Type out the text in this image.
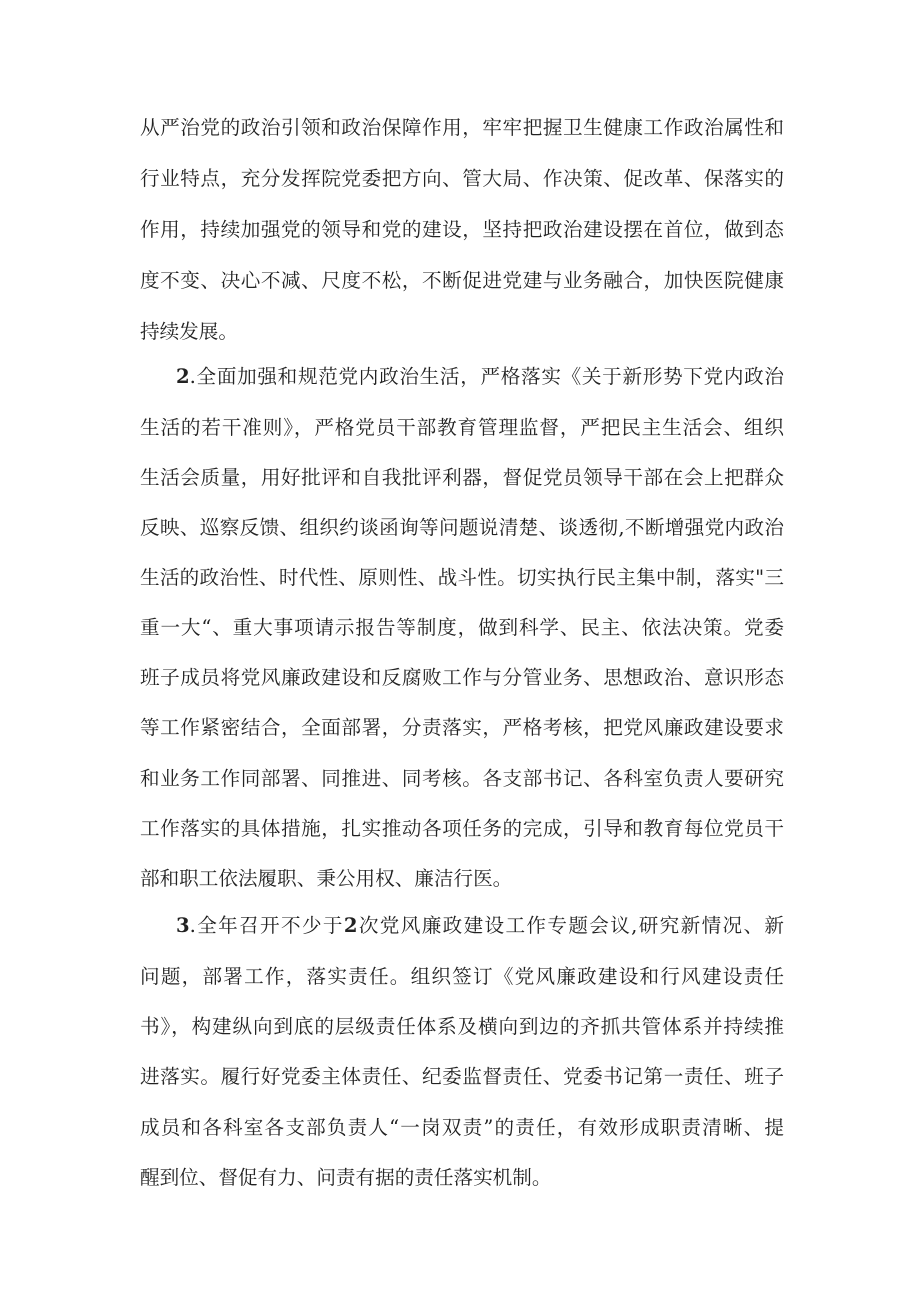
从严治党的政治引领和政治保障作用，牢牢把握卫生健康工作政治属性和
行业特点，充分发挥院党委把方向、管大局、作决策、促改革、保落实的
作用，持续加强党的领导和党的建设，坚持把政治建设摆在首位，做到态
度不变、决心不减、尺度不松，不断促进党建与业务融合，加快医院健康
持续发展。
2.全面加强和规范党内政治生活，严格落实《关于新形势下党内政治
生活的若干准则》，严格党员干部教育管理监督，严把民主生活会、组织
生活会质量，用好批评和自我批评利器，督促党员领导干部在会上把群众
反映、巡察反馈、组织约谈函询等问题说清楚、谈透彻,不断增强党内政治
生活的政治性、时代性、原则性、战斗性。切实执行民主集中制，落实"三
重一大“、重大事项请示报告等制度，做到科学、民主、依法决策。党委
班子成员将党风廉政建设和反腐败工作与分管业务、思想政治、意识形态
等工作紧密结合，全面部署，分责落实，严格考核，把党风廉政建设要求
和业务工作同部署、同推进、同考核。各支部书记、各科室负责人要研究
工作落实的具体措施，扎实推动各项任务的完成，引导和教育每位党员干
部和职工依法履职、秉公用权、廉洁行医。
3.全年召开不少于2次党风廉政建设工作专题会议,研究新情况、新
问题，部署工作，落实责任。组织签订《党风廉政建设和行风建设责任
书》，构建纵向到底的层级责任体系及横向到边的齐抓共管体系并持续推
进落实。履行好党委主体责任、纪委监督责任、党委书记第一责任、班子
成员和各科室各支部负责人“一岗双责”的责任，有效形成职责清晰、提
醒到位、督促有力、问责有据的责任落实机制。
